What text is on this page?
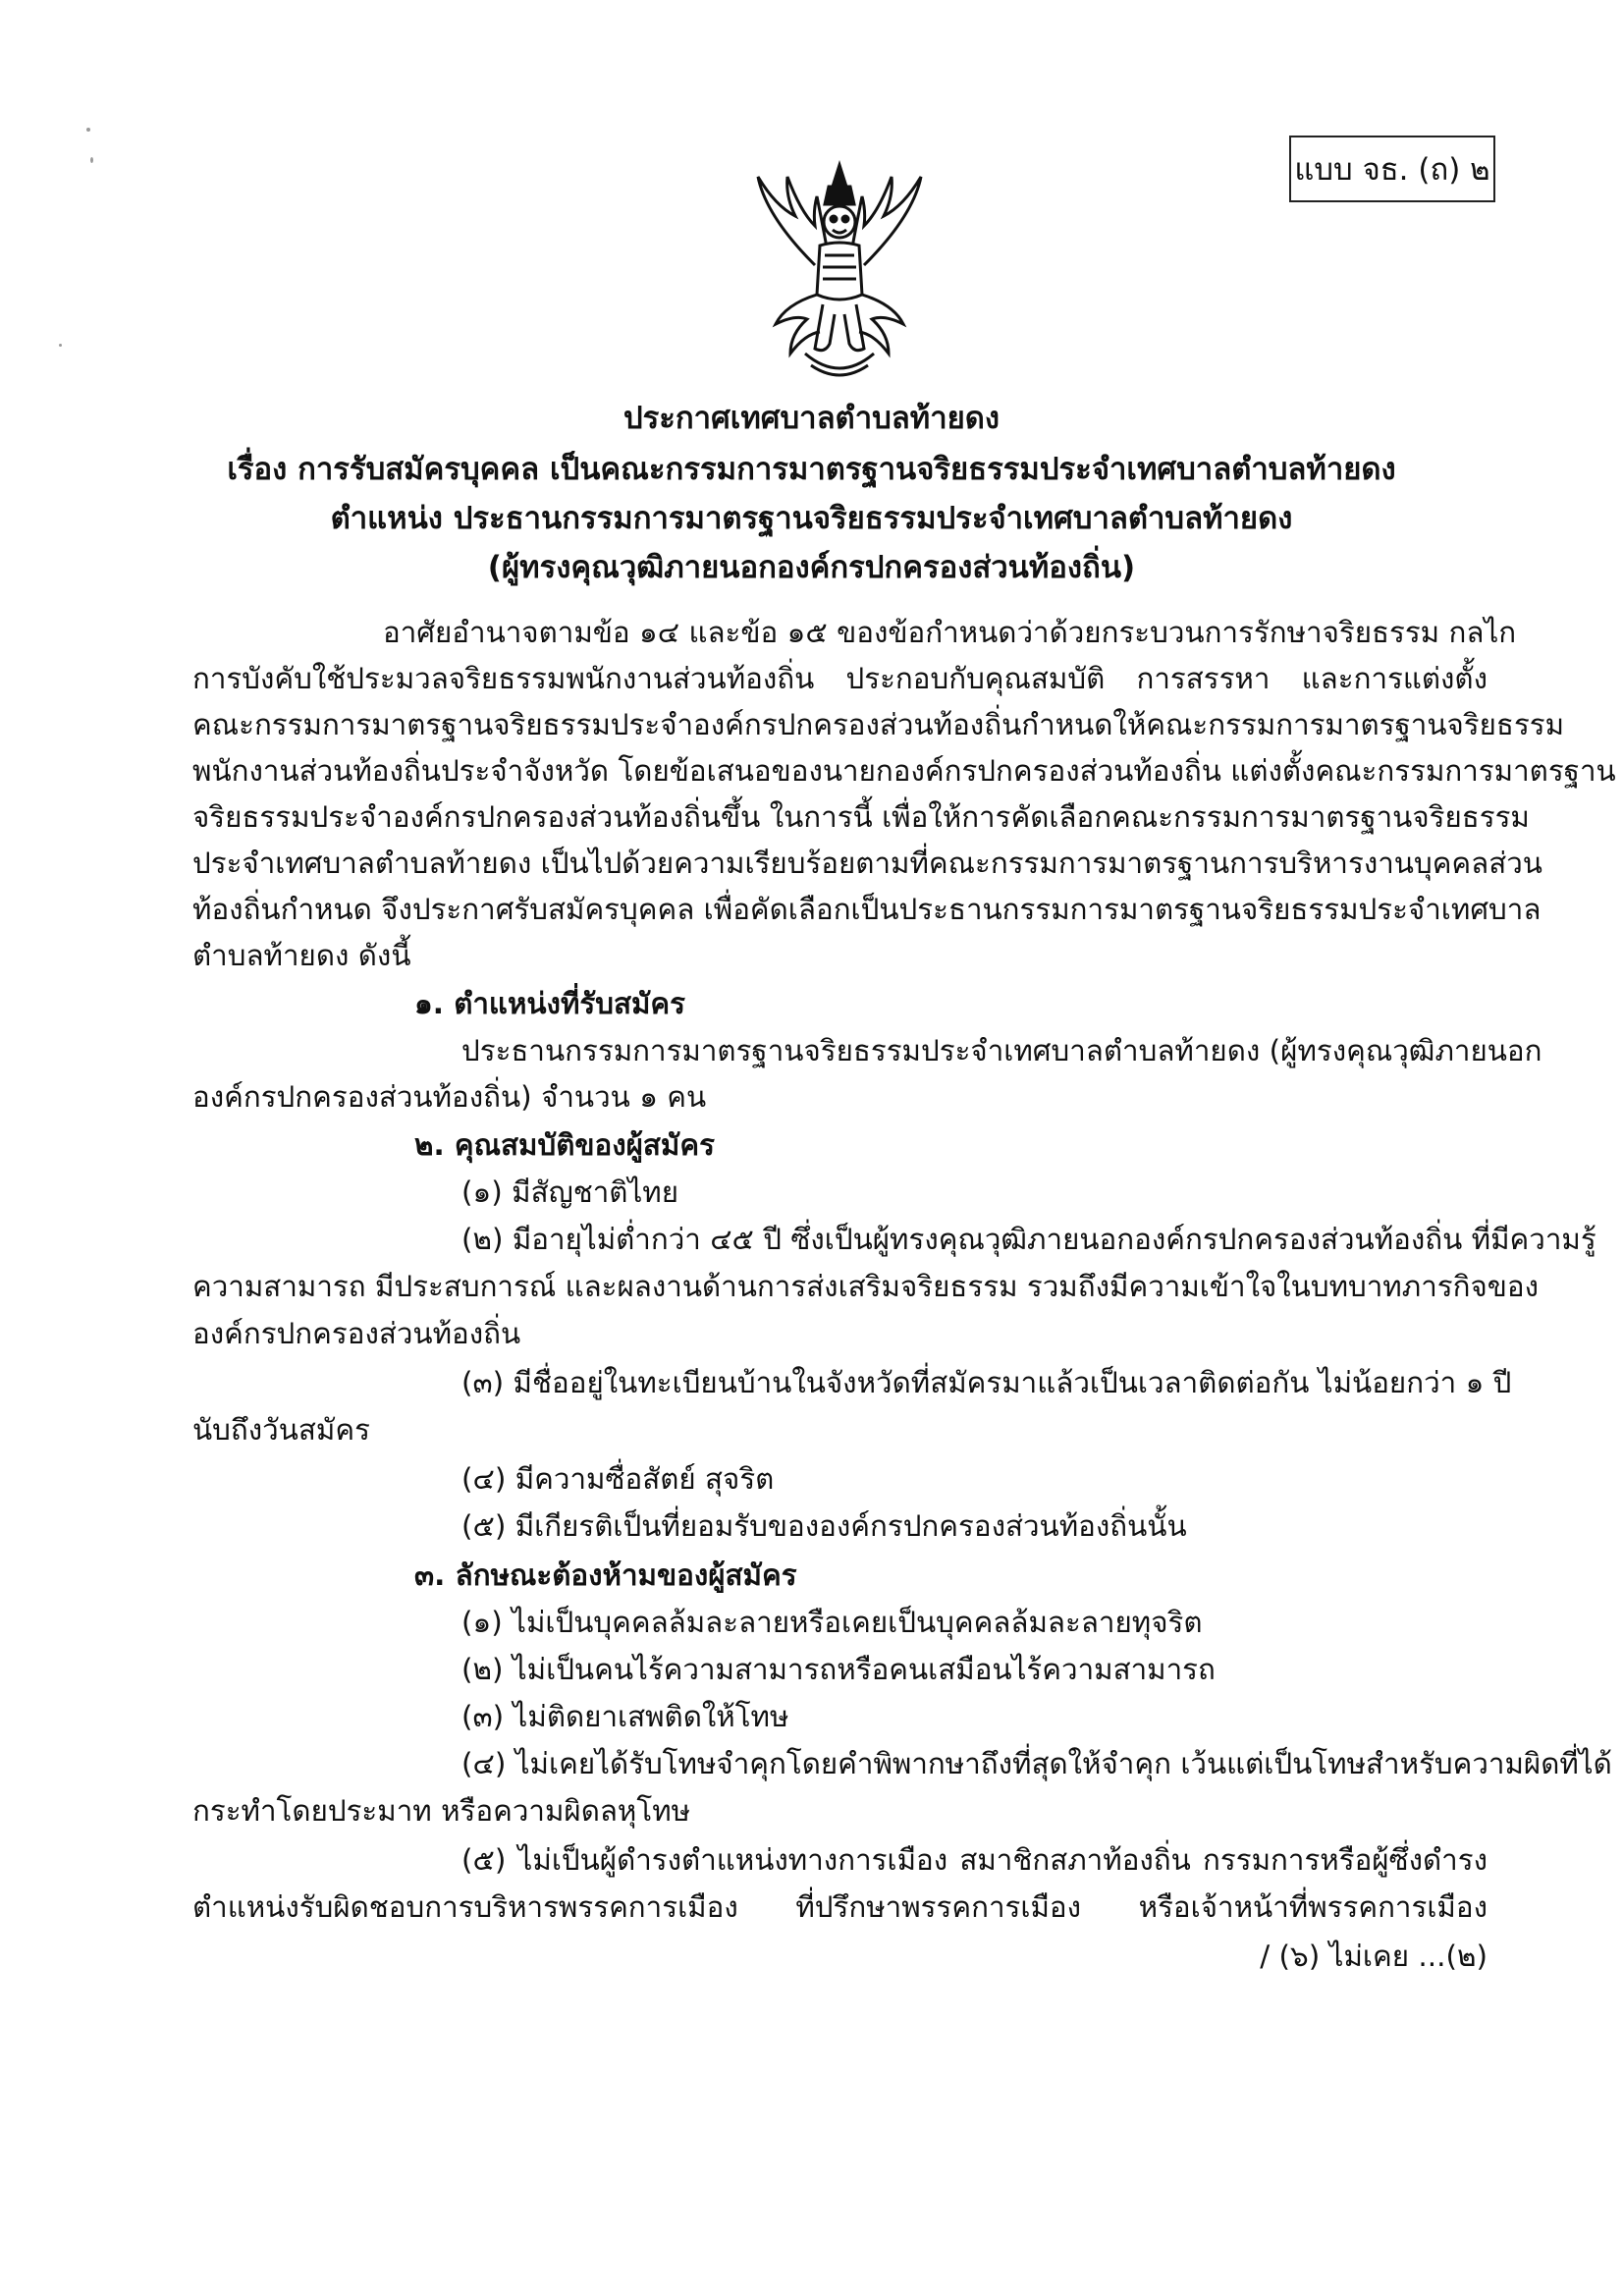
แบบ จธ. (ถ) ๒
ประกาศเทศบาลตำบลท้ายดง
เรื่อง การรับสมัครบุคคล เป็นคณะกรรมการมาตรฐานจริยธรรมประจำเทศบาลตำบลท้ายดง
ตำแหน่ง ประธานกรรมการมาตรฐานจริยธรรมประจำเทศบาลตำบลท้ายดง
(ผู้ทรงคุณวุฒิภายนอกองค์กรปกครองส่วนท้องถิ่น)
อาศัยอำนาจตามข้อ ๑๔ และข้อ ๑๕ ของข้อกำหนดว่าด้วยกระบวนการรักษาจริยธรรม กลไก
การบังคับใช้ประมวลจริยธรรมพนักงานส่วนท้องถิ่น ประกอบกับคุณสมบัติ การสรรหา และการแต่งตั้ง
คณะกรรมการมาตรฐานจริยธรรมประจำองค์กรปกครองส่วนท้องถิ่นกำหนดให้คณะกรรมการมาตรฐานจริยธรรม
พนักงานส่วนท้องถิ่นประจำจังหวัด โดยข้อเสนอของนายกองค์กรปกครองส่วนท้องถิ่น แต่งตั้งคณะกรรมการมาตรฐาน
จริยธรรมประจำองค์กรปกครองส่วนท้องถิ่นขึ้น ในการนี้ เพื่อให้การคัดเลือกคณะกรรมการมาตรฐานจริยธรรม
ประจำเทศบาลตำบลท้ายดง เป็นไปด้วยความเรียบร้อยตามที่คณะกรรมการมาตรฐานการบริหารงานบุคคลส่วน
ท้องถิ่นกำหนด จึงประกาศรับสมัครบุคคล เพื่อคัดเลือกเป็นประธานกรรมการมาตรฐานจริยธรรมประจำเทศบาล
ตำบลท้ายดง ดังนี้
๑. ตำแหน่งที่รับสมัคร
ประธานกรรมการมาตรฐานจริยธรรมประจำเทศบาลตำบลท้ายดง (ผู้ทรงคุณวุฒิภายนอก
องค์กรปกครองส่วนท้องถิ่น) จำนวน ๑ คน
๒. คุณสมบัติของผู้สมัคร
(๑) มีสัญชาติไทย
(๒) มีอายุไม่ต่ำกว่า ๔๕ ปี ซึ่งเป็นผู้ทรงคุณวุฒิภายนอกองค์กรปกครองส่วนท้องถิ่น ที่มีความรู้
ความสามารถ มีประสบการณ์ และผลงานด้านการส่งเสริมจริยธรรม รวมถึงมีความเข้าใจในบทบาทภารกิจของ
องค์กรปกครองส่วนท้องถิ่น
(๓) มีชื่ออยู่ในทะเบียนบ้านในจังหวัดที่สมัครมาแล้วเป็นเวลาติดต่อกัน ไม่น้อยกว่า ๑ ปี
นับถึงวันสมัคร
(๔) มีความซื่อสัตย์ สุจริต
(๕) มีเกียรติเป็นที่ยอมรับขององค์กรปกครองส่วนท้องถิ่นนั้น
๓. ลักษณะต้องห้ามของผู้สมัคร
(๑) ไม่เป็นบุคคลล้มละลายหรือเคยเป็นบุคคลล้มละลายทุจริต
(๒) ไม่เป็นคนไร้ความสามารถหรือคนเสมือนไร้ความสามารถ
(๓) ไม่ติดยาเสพติดให้โทษ
(๔) ไม่เคยได้รับโทษจำคุกโดยคำพิพากษาถึงที่สุดให้จำคุก เว้นแต่เป็นโทษสำหรับความผิดที่ได้
กระทำโดยประมาท หรือความผิดลหุโทษ
(๕) ไม่เป็นผู้ดำรงตำแหน่งทางการเมือง สมาชิกสภาท้องถิ่น กรรมการหรือผู้ซึ่งดำรง
ตำแหน่งรับผิดชอบการบริหารพรรคการเมือง ที่ปรึกษาพรรคการเมือง หรือเจ้าหน้าที่พรรคการเมือง
/ (๖) ไม่เคย ...(๒)
